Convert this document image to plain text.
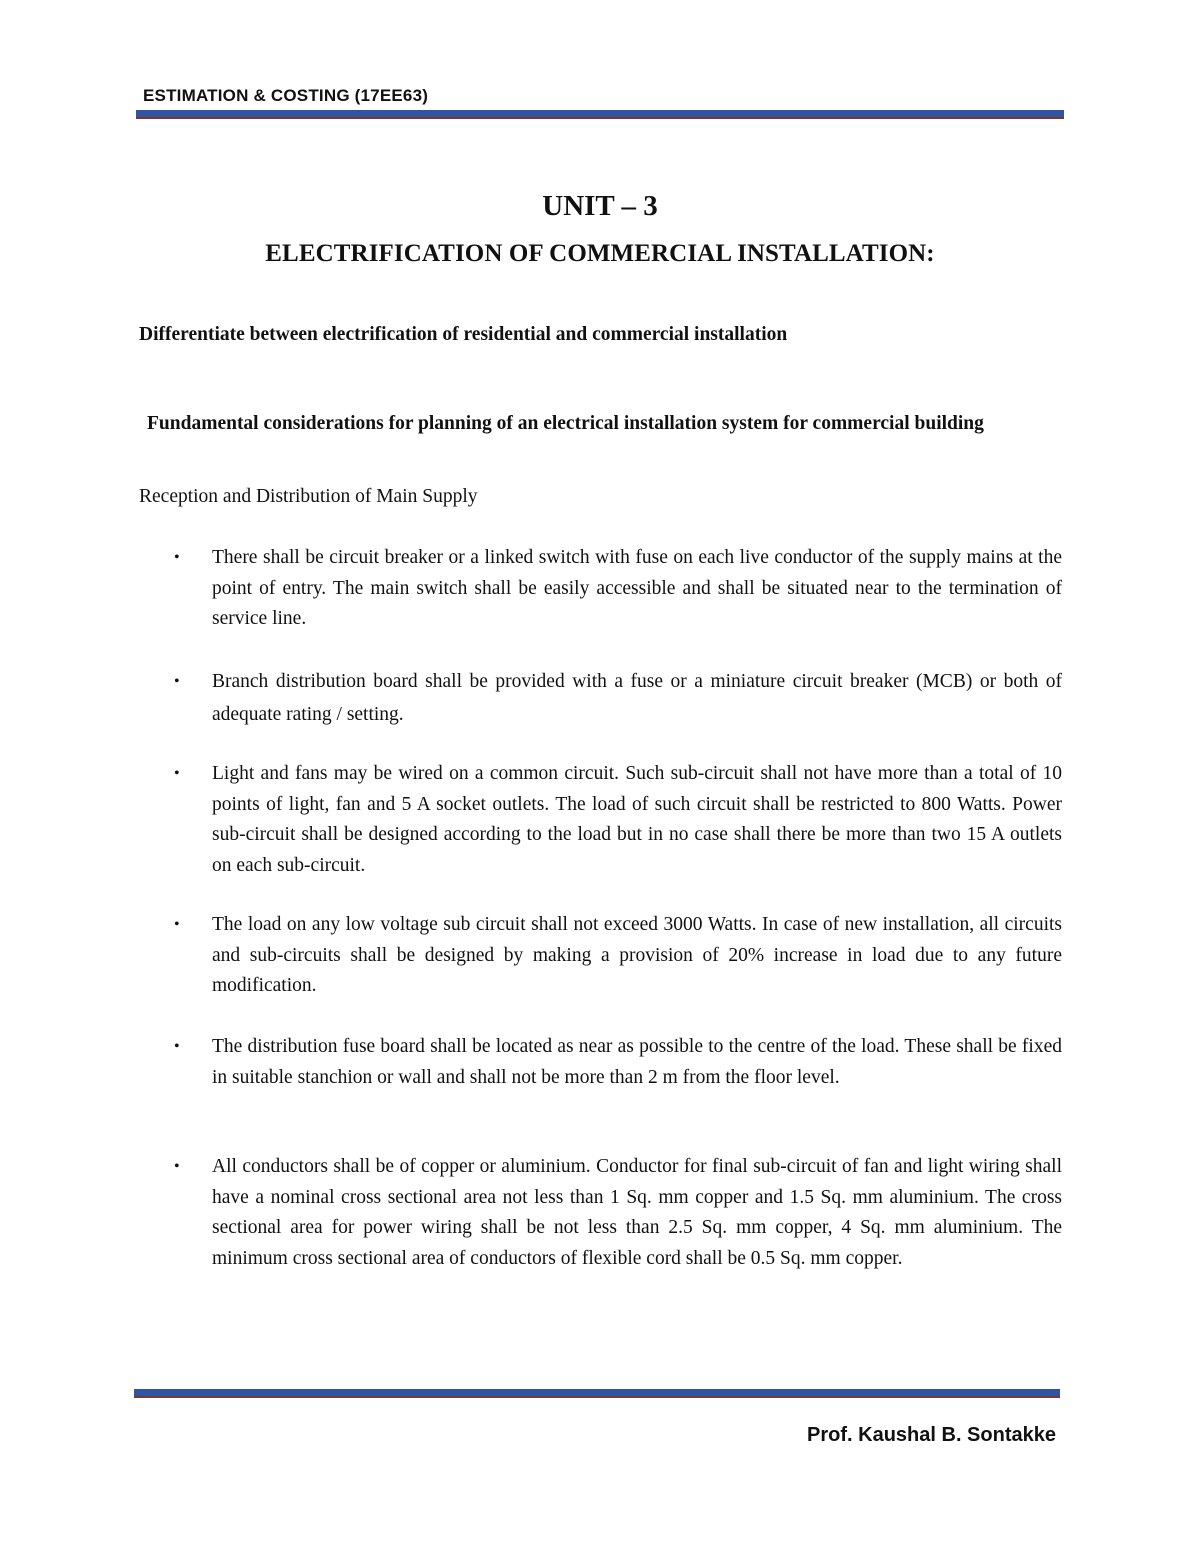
ESTIMATION & COSTING (17EE63)
UNIT – 3
ELECTRIFICATION OF COMMERCIAL INSTALLATION:
Differentiate between electrification of residential and commercial installation
Fundamental considerations for planning of an electrical installation system for commercial building
Reception and Distribution of Main Supply
• There shall be circuit breaker or a linked switch with fuse on each live conductor of the supply mains at the point of entry. The main switch shall be easily accessible and shall be situated near to the termination of service line.
• Branch distribution board shall be provided with a fuse or a miniature circuit breaker (MCB) or both of adequate rating / setting.
• Light and fans may be wired on a common circuit. Such sub-circuit shall not have more than a total of 10 points of light, fan and 5 A socket outlets. The load of such circuit shall be restricted to 800 Watts. Power sub-circuit shall be designed according to the load but in no case shall there be more than two 15 A outlets on each sub-circuit.
• The load on any low voltage sub circuit shall not exceed 3000 Watts. In case of new installation, all circuits and sub-circuits shall be designed by making a provision of 20% increase in load due to any future modification.
• The distribution fuse board shall be located as near as possible to the centre of the load. These shall be fixed in suitable stanchion or wall and shall not be more than 2 m from the floor level.
• All conductors shall be of copper or aluminium. Conductor for final sub-circuit of fan and light wiring shall have a nominal cross sectional area not less than 1 Sq. mm copper and 1.5 Sq. mm aluminium. The cross sectional area for power wiring shall be not less than 2.5 Sq. mm copper, 4 Sq. mm aluminium. The minimum cross sectional area of conductors of flexible cord shall be 0.5 Sq. mm copper.
Prof. Kaushal B. Sontakke
